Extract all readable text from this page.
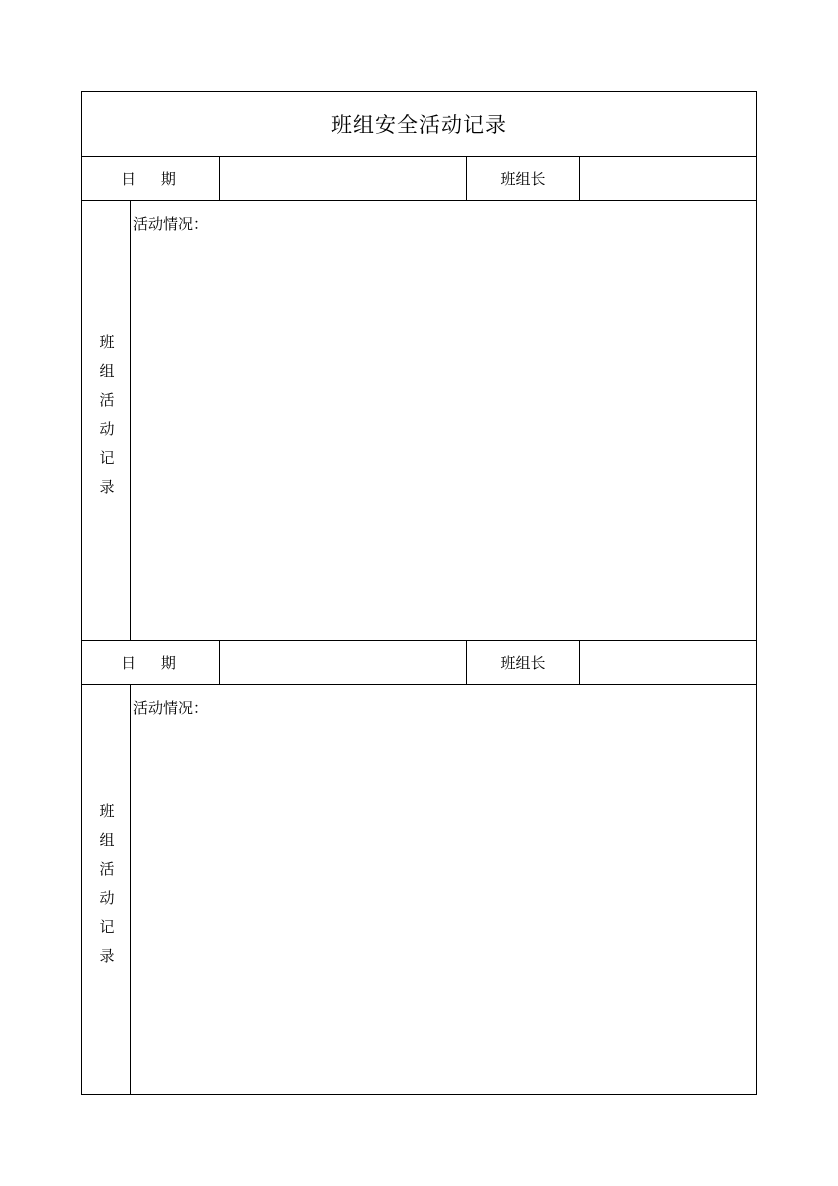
班组安全活动记录
日 期	班组长
班组活动记录
活动情况：
日 期	班组长
班组活动记录
活动情况：
